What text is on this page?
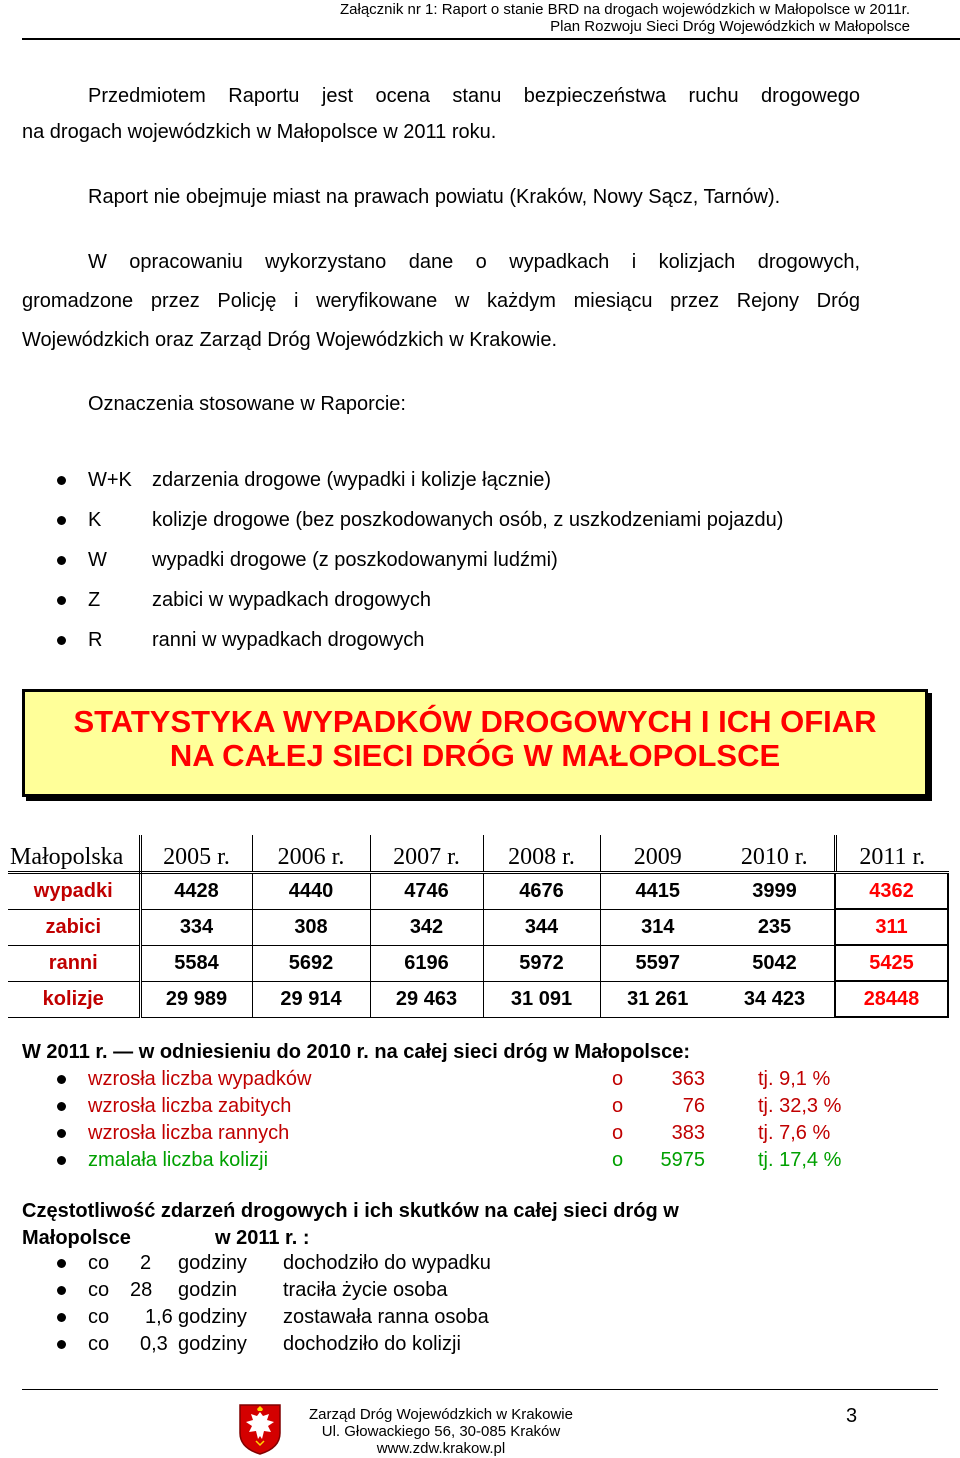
Załącznik nr 1: Raport o stanie BRD na drogach wojewódzkich w Małopolsce w 2011r.
Plan Rozwoju Sieci Dróg Wojewódzkich w Małopolsce
Przedmiotem Raportu jest ocena stanu bezpieczeństwa ruchu drogowego
na drogach wojewódzkich w Małopolsce w 2011 roku.
Raport nie obejmuje miast na prawach powiatu (Kraków, Nowy Sącz, Tarnów).
W opracowaniu wykorzystano dane o wypadkach i kolizjach drogowych,
gromadzone przez Policję i weryfikowane w każdym miesiącu przez Rejony Dróg
Wojewódzkich oraz Zarząd Dróg Wojewódzkich w Krakowie.
Oznaczenia stosowane w Raporcie:
W+K zdarzenia drogowe (wypadki i kolizje łącznie)
K	kolizje drogowe (bez poszkodowanych osób, z uszkodzeniami pojazdu)
W wypadki drogowe (z poszkodowanymi ludźmi)
Z	zabici w wypadkach drogowych
R ranni w wypadkach drogowych
STATYSTYKA WYPADKÓW DROGOWYCH I ICH OFIAR
NA CAŁEJ SIECI DRÓG W MAŁOPOLSCE
Małopolska	2005 r.	2006 r.	2007 r.	2008 r.	2009	2010 r.	2011 r.
wypadki	4428	4440	4746	4676	4415	3999	4362
zabici	334	308	342	344	314	235	311
ranni	5584	5692	6196	5972	5597	5042	5425
kolizje	29 989	29 914	29 463	31 091	31 261	34 423	28448
W 2011 r. — w odniesieniu do 2010 r. na całej sieci dróg w Małopolsce:
wzrosła liczba wypadków	o	363	tj. 9,1 %
wzrosła liczba zabitych	o	76	tj. 32,3 %
wzrosła liczba rannych	o	383	tj. 7,6 %
zmalała liczba kolizji	o	5975	tj. 17,4 %
Częstotliwość zdarzeń drogowych i ich skutków na całej sieci dróg w
Małopolsce	w 2011 r. :
co 2 godziny dochodziło do wypadku
co 28 godzin traciła życie osoba
co 1,6 godziny zostawała ranna osoba
co 0,3 godziny dochodziło do kolizji
Zarząd Dróg Wojewódzkich w Krakowie
Ul. Głowackiego 56, 30-085 Kraków
www.zdw.krakow.pl
3
